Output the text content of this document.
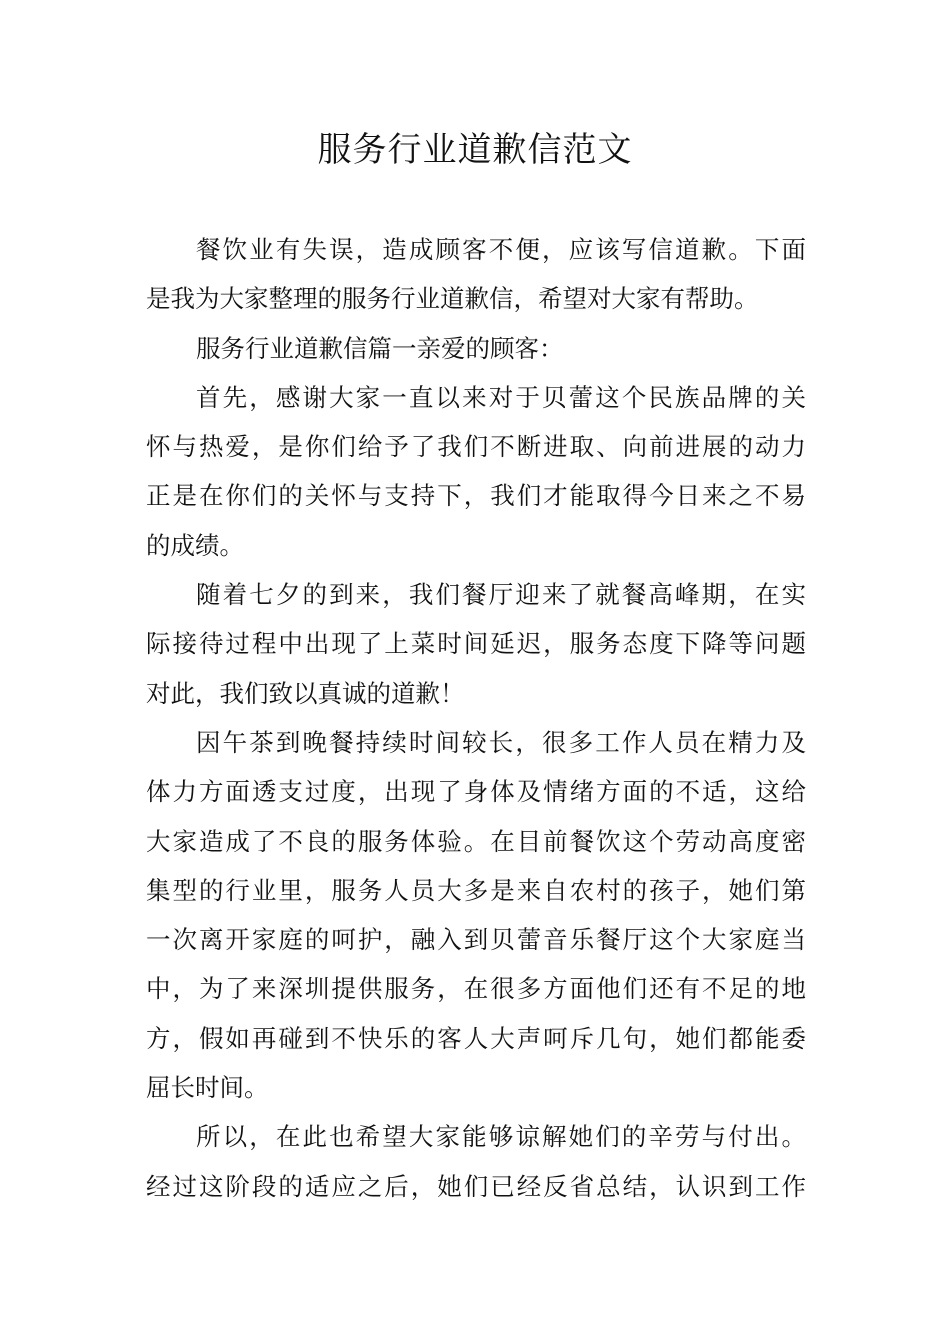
服务行业道歉信范文
餐饮业有失误，造成顾客不便，应该写信道歉。下面
是我为大家整理的服务行业道歉信，希望对大家有帮助。
服务行业道歉信篇一亲爱的顾客：
首先，感谢大家一直以来对于贝蕾这个民族品牌的关
怀与热爱，是你们给予了我们不断进取、向前进展的动力
正是在你们的关怀与支持下，我们才能取得今日来之不易
的成绩。
随着七夕的到来，我们餐厅迎来了就餐高峰期，在实
际接待过程中出现了上菜时间延迟，服务态度下降等问题
对此，我们致以真诚的道歉！
因午茶到晚餐持续时间较长，很多工作人员在精力及
体力方面透支过度，出现了身体及情绪方面的不适，这给
大家造成了不良的服务体验。在目前餐饮这个劳动高度密
集型的行业里，服务人员大多是来自农村的孩子，她们第
一次离开家庭的呵护，融入到贝蕾音乐餐厅这个大家庭当
中，为了来深圳提供服务，在很多方面他们还有不足的地
方，假如再碰到不快乐的客人大声呵斥几句，她们都能委
屈长时间。
所以，在此也希望大家能够谅解她们的辛劳与付出。
经过这阶段的适应之后，她们已经反省总结，认识到工作
